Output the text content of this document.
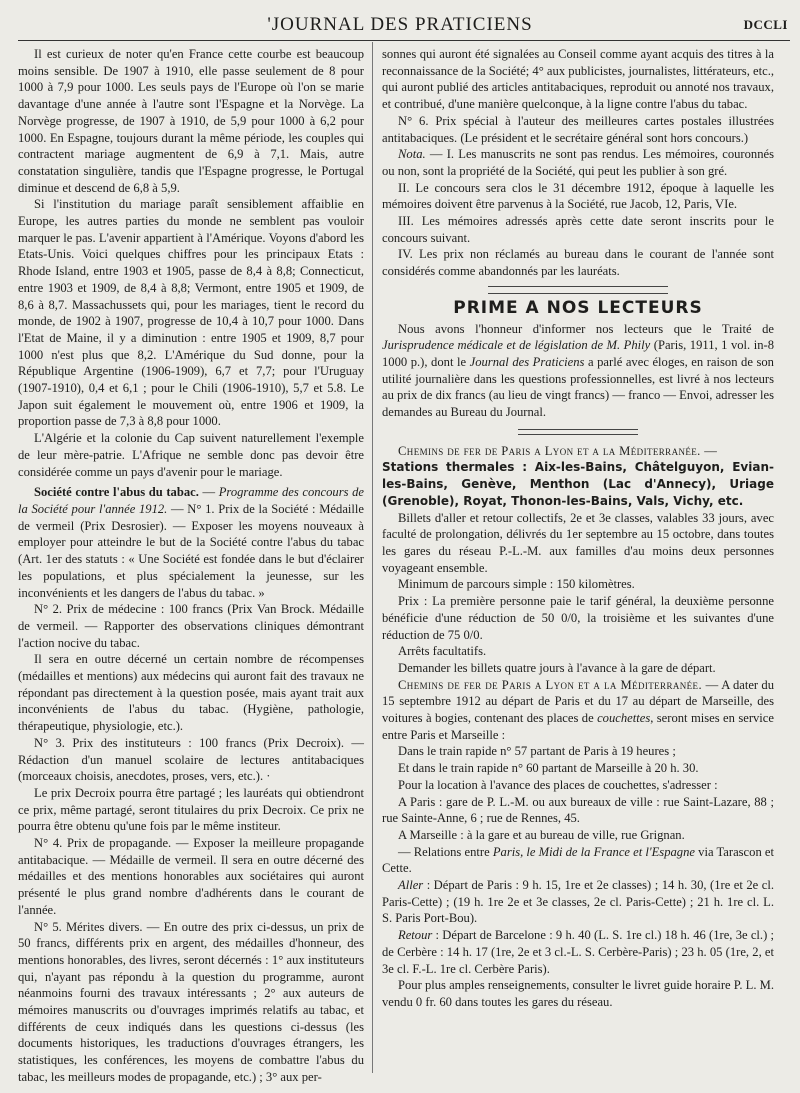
'JOURNAL DES PRATICIENS	DCCLI

Il est curieux de noter qu'en France cette courbe est beaucoup moins sensible. De 1907 à 1910, elle passe seulement de 8 pour 1000 à 7,9 pour 1000. Les seuls pays de l'Europe où l'on se marie davantage d'une année à l'autre sont l'Espagne et la Norvège. La Norvège progresse, de 1907 à 1910, de 5,9 pour 1000 à 6,2 pour 1000. En Espagne, toujours durant la même période, les couples qui contractent mariage augmentent de 6,9 à 7,1. Mais, autre constatation singulière, tandis que l'Espagne progresse, le Portugal diminue et descend de 6,8 à 5,9.

Si l'institution du mariage paraît sensiblement affaiblie en Europe, les autres parties du monde ne semblent pas vouloir marquer le pas. L'avenir appartient à l'Amérique. Voyons d'abord les Etats-Unis. Voici quelques chiffres pour les principaux Etats : Rhode Island, entre 1903 et 1905, passe de 8,4 à 8,8; Connecticut, entre 1903 et 1909, de 8,4 à 8,8; Vermont, entre 1905 et 1909, de 8,6 à 8,7. Massachussets qui, pour les mariages, tient le record du monde, de 1902 à 1907, progresse de 10,4 à 10,7 pour 1000. Dans l'Etat de Maine, il y a diminution : entre 1905 et 1909, 8,7 pour 1000 n'est plus que 8,2. L'Amérique du Sud donne, pour la République Argentine (1906-1909), 6,7 et 7,7; pour l'Uruguay (1907-1910), 0,4 et 6,1 ; pour le Chili (1906-1910), 5,7 et 5.8. Le Japon suit également le mouvement où, entre 1906 et 1909, la proportion passe de 7,3 à 8,8 pour 1000.

L'Algérie et la colonie du Cap suivent naturellement l'exemple de leur mère-patrie. L'Afrique ne semble donc pas devoir être considérée comme un pays d'avenir pour le mariage.

Société contre l'abus du tabac. — Programme des concours de la Société pour l'année 1912. — N° 1. Prix de la Société : Médaille de vermeil (Prix Desrosier). — Exposer les moyens nouveaux à employer pour atteindre le but de la Société contre l'abus du tabac (Art. 1er des statuts : « Une Société est fondée dans le but d'éclairer les populations, et plus spécialement la jeunesse, sur les inconvénients et les dangers de l'abus du tabac. »

N° 2. Prix de médecine : 100 francs (Prix Van Brock. Médaille de vermeil. — Rapporter des observations cliniques démontrant l'action nocive du tabac.

Il sera en outre décerné un certain nombre de récompenses (médailles et mentions) aux médecins qui auront fait des travaux ne répondant pas directement à la question posée, mais ayant trait aux inconvénients de l'abus du tabac. (Hygiène, pathologie, thérapeutique, physiologie, etc.).

N° 3. Prix des instituteurs : 100 francs (Prix Decroix). — Rédaction d'un manuel scolaire de lectures antitabaciques (morceaux choisis, anecdotes, proses, vers, etc.). ·

Le prix Decroix pourra être partagé ; les lauréats qui obtiendront ce prix, même partagé, seront titulaires du prix Decroix. Ce prix ne pourra être obtenu qu'une fois par le même institeur.

N° 4. Prix de propagande. — Exposer la meilleure propagande antitabacique. — Médaille de vermeil. Il sera en outre décerné des médailles et des mentions honorables aux sociétaires qui auront présenté le plus grand nombre d'adhérents dans le courant de l'année.

N° 5. Mérites divers. — En outre des prix ci-dessus, un prix de 50 francs, différents prix en argent, des médailles d'honneur, des mentions honorables, des livres, seront décernés : 1° aux instituteurs qui, n'ayant pas répondu à la question du programme, auront néanmoins fourni des travaux intéressants ; 2° aux auteurs de mémoires manuscrits ou d'ouvrages imprimés relatifs au tabac, et différents de ceux indiqués dans les questions ci-dessus (les documents historiques, les traductions d'ouvrages étrangers, les statistiques, les conférences, les moyens de combattre l'abus du tabac, les meilleurs modes de propagande, etc.) ; 3° aux per-

sonnes qui auront été signalées au Conseil comme ayant acquis des titres à la reconnaissance de la Société; 4° aux publicistes, journalistes, littérateurs, etc., qui auront publié des articles antitabaciques, reproduit ou annoté nos travaux, et contribué, d'une manière quelconque, à la ligne contre l'abus du tabac.

N° 6. Prix spécial à l'auteur des meilleures cartes postales illustrées antitabaciques. (Le président et le secrétaire général sont hors concours.)

Nota. — I. Les manuscrits ne sont pas rendus. Les mémoires, couronnés ou non, sont la propriété de la Société, qui peut les publier à son gré.

II. Le concours sera clos le 31 décembre 1912, époque à laquelle les mémoires doivent être parvenus à la Société, rue Jacob, 12, Paris, VIe.

III. Les mémoires adressés après cette date seront inscrits pour le concours suivant.

IV. Les prix non réclamés au bureau dans le courant de l'année sont considérés comme abandonnés par les lauréats.

PRIME A NOS LECTEURS

Nous avons l'honneur d'informer nos lecteurs que le Traité de Jurisprudence médicale et de législation de M. Phily (Paris, 1911, 1 vol. in-8 1000 p.), dont le Journal des Praticiens a parlé avec éloges, en raison de son utilité journalière dans les questions professionnelles, est livré à nos lecteurs au prix de dix francs (au lieu de vingt francs) — franco — Envoi, adresser les demandes au Bureau du Journal.

Chemins de fer de Paris a Lyon et a la Méditerranée. —

Stations thermales : Aix-les-Bains, Châtelguyon, Evian-les-Bains, Genève, Menthon (Lac d'Annecy), Uriage (Grenoble), Royat, Thonon-les-Bains, Vals, Vichy, etc.

Billets d'aller et retour collectifs, 2e et 3e classes, valables 33 jours, avec faculté de prolongation, délivrés du 1er septembre au 15 octobre, dans toutes les gares du réseau P.-L.-M. aux familles d'au moins deux personnes voyageant ensemble.

Minimum de parcours simple : 150 kilomètres.

Prix : La première personne paie le tarif général, la deuxième personne bénéficie d'une réduction de 50 0/0, la troisième et les suivantes d'une réduction de 75 0/0.

Arrêts facultatifs.

Demander les billets quatre jours à l'avance à la gare de départ.

Chemins de fer de Paris a Lyon et a la Méditerranée. — A dater du 15 septembre 1912 au départ de Paris et du 17 au départ de Marseille, des voitures à bogies, contenant des places de couchettes, seront mises en service entre Paris et Marseille :

Dans le train rapide n° 57 partant de Paris à 19 heures ;

Et dans le train rapide n° 60 partant de Marseille à 20 h. 30.

Pour la location à l'avance des places de couchettes, s'adresser :

A Paris : gare de P. L.-M. ou aux bureaux de ville : rue Saint-Lazare, 88 ; rue Sainte-Anne, 6 ; rue de Rennes, 45.

A Marseille : à la gare et au bureau de ville, rue Grignan.

— Relations entre Paris, le Midi de la France et l'Espagne via Tarascon et Cette.

Aller : Départ de Paris : 9 h. 15, 1re et 2e classes) ; 14 h. 30, (1re et 2e cl. Paris-Cette) ; (19 h. 1re 2e et 3e classes, 2e cl. Paris-Cette) ; 21 h. 1re cl. L. S. Paris Port-Bou).

Retour : Départ de Barcelone : 9 h. 40 (L. S. 1re cl.) 18 h. 46 (1re, 3e cl.) ; de Cerbère : 14 h. 17 (1re, 2e et 3 cl.-L. S. Cerbère-Paris) ; 23 h. 05 (1re, 2, et 3e cl. F.-L. 1re cl. Cerbère Paris).

Pour plus amples renseignements, consulter le livret guide horaire P. L. M. vendu 0 fr. 60 dans toutes les gares du réseau.
